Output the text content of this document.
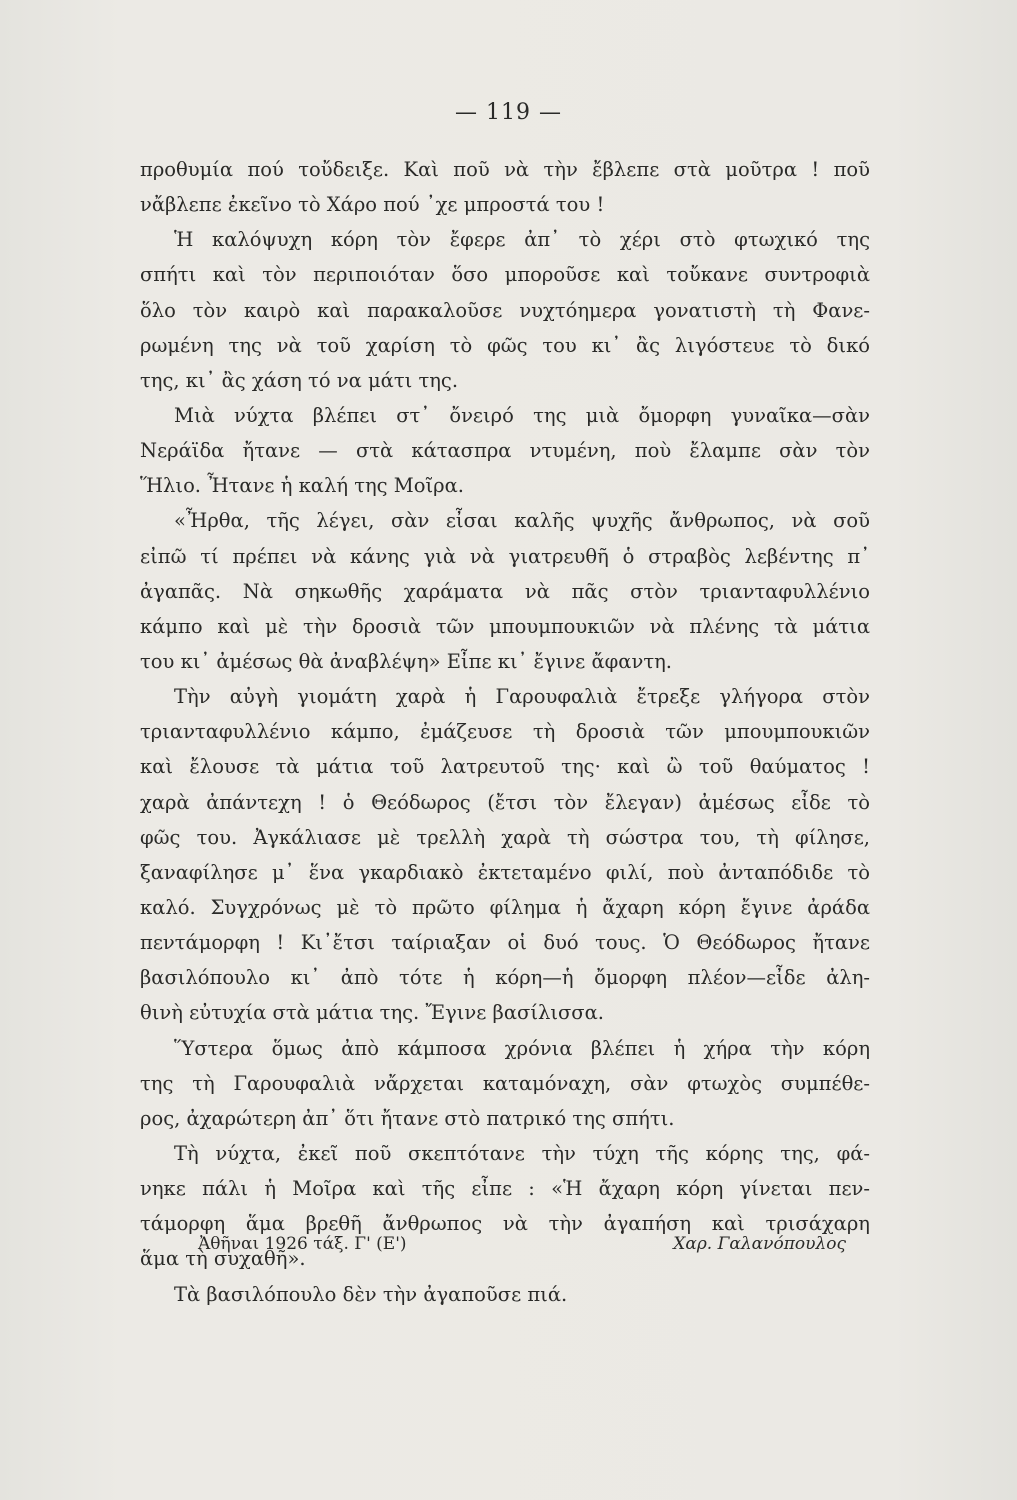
— 119 —
προθυμία πού τοὔδειξε. Καὶ ποῦ νὰ τὴν ἔβλεπε στὰ μοῦτρα ! ποῦ
νἄβλεπε ἐκεῖνο τὸ Χάρο πού ᾿χε μπροστά του !
Ἡ καλόψυχη κόρη τὸν ἔφερε ἀπ᾿ τὸ χέρι στὸ φτωχικό της
σπήτι καὶ τὸν περιποιόταν ὅσο μποροῦσε καὶ τοὔκανε συντροφιὰ
ὅλο τὸν καιρὸ καὶ παρακαλοῦσε νυχτόημερα γονατιστὴ τὴ Φανε-
ρωμένη της νὰ τοῦ χαρίση τὸ φῶς του κι᾿ ἂς λιγόστευε τὸ δικό
της, κι᾿ ἂς χάση τό να μάτι της.
Μιὰ νύχτα βλέπει στ᾿ ὄνειρό της μιὰ ὄμορφη γυναῖκα—σὰν
Νεράϊδα ἤτανε — στὰ κάτασπρα ντυμένη, ποὺ ἔλαμπε σὰν τὸν
Ἥλιο. Ἦτανε ἡ καλή της Μοῖρα.
«Ἦρθα, τῆς λέγει, σὰν εἶσαι καλῆς ψυχῆς ἄνθρωπος, νὰ σοῦ
εἰπῶ τί πρέπει νὰ κάνης γιὰ νὰ γιατρευθῆ ὁ στραβὸς λεβέντης π᾿
ἀγαπᾶς. Νὰ σηκωθῆς χαράματα νὰ πᾶς στὸν τριανταφυλλένιο
κάμπο καὶ μὲ τὴν δροσιὰ τῶν μπουμπουκιῶν νὰ πλένης τὰ μάτια
του κι᾿ ἀμέσως θὰ ἀναβλέψη» Εἶπε κι᾿ ἔγινε ἄφαντη.
Τὴν αὐγὴ γιομάτη χαρὰ ἡ Γαρουφαλιὰ ἔτρεξε γλήγορα στὸν
τριανταφυλλένιο κάμπο, ἐμάζευσε τὴ δροσιὰ τῶν μπουμπουκιῶν
καὶ ἔλουσε τὰ μάτια τοῦ λατρευτοῦ της· καὶ ὢ τοῦ θαύματος !
χαρὰ ἀπάντεχη ! ὁ Θεόδωρος (ἔτσι τὸν ἔλεγαν) ἀμέσως εἶδε τὸ
φῶς του. Ἀγκάλιασε μὲ τρελλὴ χαρὰ τὴ σώστρα του, τὴ φίλησε,
ξαναφίλησε μ᾿ ἕνα γκαρδιακὸ ἐκτεταμένο φιλί, ποὺ ἀνταπόδιδε τὸ
καλό. Συγχρόνως μὲ τὸ πρῶτο φίλημα ἡ ἄχαρη κόρη ἔγινε ἀράδα
πεντάμορφη ! Κι᾿ἔτσι ταίριαξαν οἱ δυό τους. Ὁ Θεόδωρος ἤτανε
βασιλόπουλο κι᾿ ἀπὸ τότε ἡ κόρη—ἡ ὄμορφη πλέον—εἶδε ἀλη-
θινὴ εὐτυχία στὰ μάτια της. Ἔγινε βασίλισσα.
Ὕστερα ὅμως ἀπὸ κάμποσα χρόνια βλέπει ἡ χήρα τὴν κόρη
της τὴ Γαρουφαλιὰ νἄρχεται καταμόναχη, σὰν φτωχὸς συμπέθε-
ρος, ἀχαρώτερη ἀπ᾿ ὅτι ἤτανε στὸ πατρικό της σπήτι.
Τὴ νύχτα, ἐκεῖ ποῦ σκεπτότανε τὴν τύχη τῆς κόρης της, φά-
νηκε πάλι ἡ Μοῖρα καὶ τῆς εἶπε : «Ἡ ἄχαρη κόρη γίνεται πεν-
τάμορφη ἅμα βρεθῆ ἄνθρωπος νὰ τὴν ἀγαπήση καὶ τρισάχαρη
ἅμα τὴ συχαθῆ».
Τὰ βασιλόπουλο δὲν τὴν ἀγαποῦσε πιά.
Ἀθῆναι 1926 τάξ. Γ' (Ε')	Χαρ. Γαλανόπουλος
